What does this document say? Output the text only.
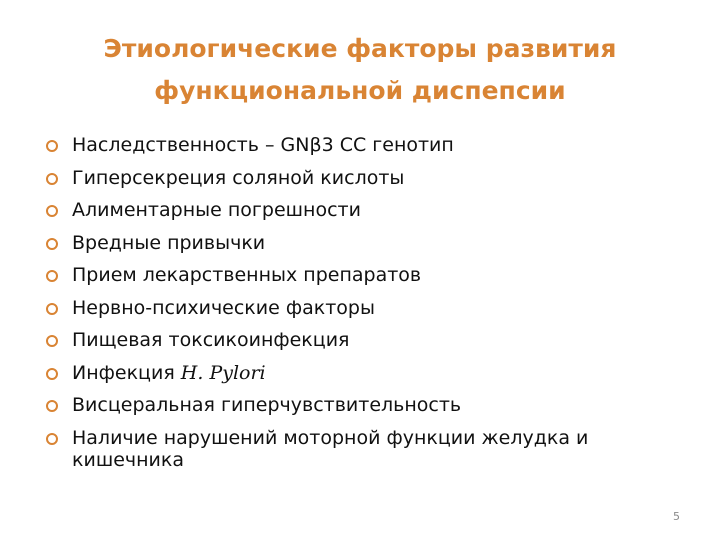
Этиологические факторы развития
функциональной диспепсии
Наследственность – GNβ3 CC генотип
Гиперсекреция соляной кислоты
Алиментарные погрешности
Вредные привычки
Прием лекарственных препаратов
Нервно-психические факторы
Пищевая токсикоинфекция
Инфекция H. Pylori
Висцеральная гиперчувствительность
Наличие нарушений моторной функции желудка и кишечника
5
